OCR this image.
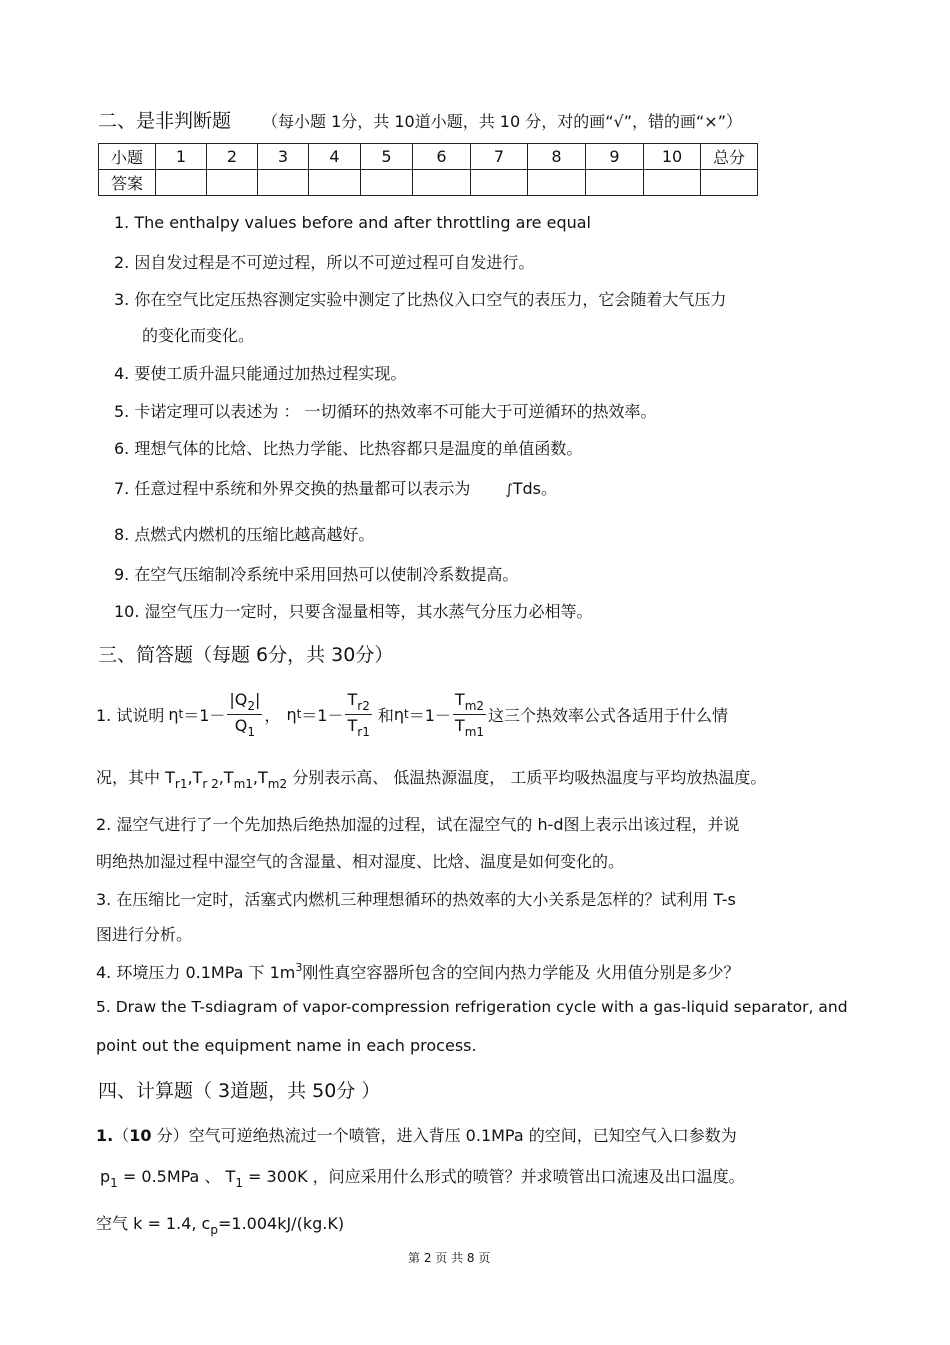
二、是非判断题 （每小题 1分，共 10道小题，共 10 分，对的画“√”，错的画“×”）
小题	1	2	3	4	5	6	7	8	9	10	总分
答案											
1. The enthalpy values before and after throttling are equal
2. 因自发过程是不可逆过程，所以不可逆过程可自发进行。
3. 你在空气比定压热容测定实验中测定了比热仪入口空气的表压力，它会随着大气压力
的变化而变化。
4. 要使工质升温只能通过加热过程实现。
5. 卡诺定理可以表述为 ： 一切循环的热效率不可能大于可逆循环的热效率。
6. 理想气体的比焓、比热力学能、比热容都只是温度的单值函数。
7. 任意过程中系统和外界交换的热量都可以表示为	∫Tds。
8. 点燃式内燃机的压缩比越高越好。
9. 在空气压缩制冷系统中采用回热可以使制冷系数提高。
10. 湿空气压力一定时，只要含湿量相等，其水蒸气分压力必相等。
三、简答题（每题 6分，共 30分）
1. 试说明 η $t =1- \frac{|Q_2|}{Q_1}$ ， η $t =1- \frac{T_{r2}}{T_{r1}}$ 和 η $t =1- \frac{T_{m2}}{T_{m1}}$ 这三个热效率公式各适用于什么情
况，其中 $T_{r1},T_{r 2},T_{m1},T_{m2}$ 分别表示高、 低温热源温度， 工质平均吸热温度与平均放热温度。
2. 湿空气进行了一个先加热后绝热加湿的过程，试在湿空气的 h-d图上表示出该过程，并说
明绝热加湿过程中湿空气的含湿量、相对湿度、比焓、温度是如何变化的。
3. 在压缩比一定时，活塞式内燃机三种理想循环的热效率的大小关系是怎样的？试利用 T-s
图进行分析。
4. 环境压力 0.1MPa 下 $1m^3$刚性真空容器所包含的空间内热力学能及 火用值分别是多少？
5. Draw the T-sdiagram of vapor-compression refrigeration cycle with a gas-liquid separator, and
point out the equipment name in each process.
四、计算题（ 3道题，共 50分 ）
1.（10 分）空气可逆绝热流过一个喷管，进入背压 0.1MPa 的空间，已知空气入口参数为
$p_1 = 0.5MPa$ 、 $T_1 = 300K$ ，问应采用什么形式的喷管？并求喷管出口流速及出口温度。
空气 k = 1.4, $c_p=1.004kJ/(kg.K)$
第 2 页 共 8 页
